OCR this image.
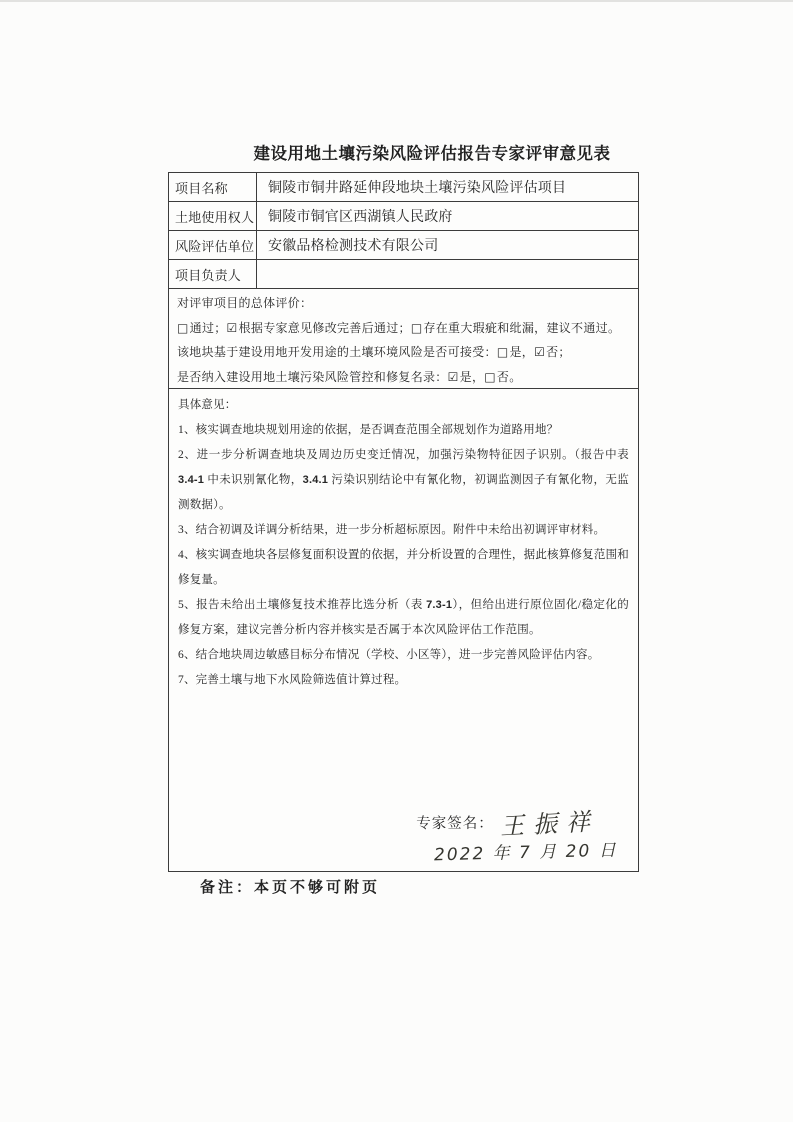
建设用地土壤污染风险评估报告专家评审意见表
项目名称	铜陵市铜井路延伸段地块土壤污染风险评估项目
土地使用权人 铜陵市铜官区西湖镇人民政府
风险评估单位 安徽品格检测技术有限公司
项目负责人
对评审项目的总体评价：
□通过；☑根据专家意见修改完善后通过；□存在重大瑕疵和纰漏，建议不通过。
该地块基于建设用地开发用途的土壤环境风险是否可接受：□是，☑否；
是否纳入建设用地土壤污染风险管控和修复名录：☑是，□否。
具体意见：
1、核实调查地块规划用途的依据，是否调查范围全部规划作为道路用地？
2、进一步分析调查地块及周边历史变迁情况，加强污染物特征因子识别。（报告中表 3.4-1 中未识别氰化物，3.4.1 污染识别结论中有氰化物，初调监测因子有氰化物，无监测数据）。
3、结合初调及详调分析结果，进一步分析超标原因。附件中未给出初调评审材料。
4、核实调查地块各层修复面积设置的依据，并分析设置的合理性，据此核算修复范围和修复量。
5、报告未给出土壤修复技术推荐比选分析（表 7.3-1），但给出进行原位固化/稳定化的修复方案，建议完善分析内容并核实是否属于本次风险评估工作范围。
6、结合地块周边敏感目标分布情况（学校、小区等），进一步完善风险评估内容。
7、完善土壤与地下水风险筛选值计算过程。
专家签名： 王振祥
2022 年 7 月 20 日
备注：本页不够可附页
